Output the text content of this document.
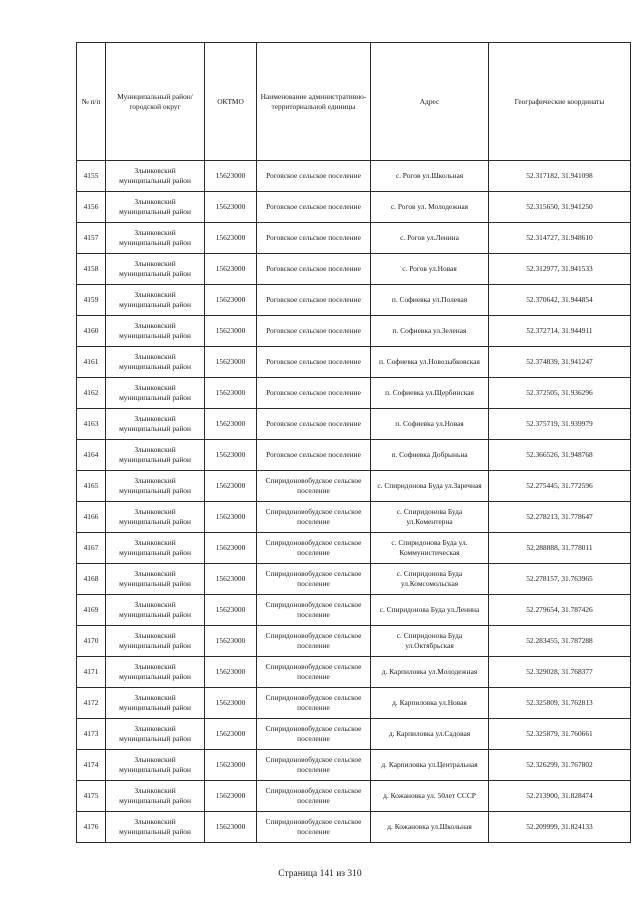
№ п/п	Муниципальный район/городской округ	ОКТМО	Наименование административно-территориальной единицы	Адрес	Географические координаты
4155	Злынковский муниципальный район	15623000	Роговское сельское поселение	с. Рогов ул.Школьная	52.317182, 31.941098
4156	Злынковский муниципальный район	15623000	Роговское сельское поселение	с. Рогов ул. Молодежная	52.315650, 31.941250
4157	Злынковский муниципальный район	15623000	Роговское сельское поселение	с. Рогов ул.Ленина	52.314727, 31.948610
4158	Злынковский муниципальный район	15623000	Роговское сельское поселение	с. Рогов ул.Новая	52.312977, 31.941533
4159	Злынковский муниципальный район	15623000	Роговское сельское поселение	п. Софиевка ул.Полевая	52.370642, 31.944854
4160	Злынковский муниципальный район	15623000	Роговское сельское поселение	п. Софиевка ул.Зеленая	52.372714, 31.944911
4161	Злынковский муниципальный район	15623000	Роговское сельское поселение	п. Софиевка ул.Новозыбковская	52.374839, 31.941247
4162	Злынковский муниципальный район	15623000	Роговское сельское поселение	п. Софиевка ул.Щербинская	52.372505, 31.936296
4163	Злынковский муниципальный район	15623000	Роговское сельское поселение	п. Софиевка ул.Новая	52.375719, 31.939979
4164	Злынковский муниципальный район	15623000	Роговское сельское поселение	п. Софиевка Добрыньна	52.366526, 31.948768
4165	Злынковский муниципальный район	15623000	Спиридоновобудское сельское поселение	с. Спиридонова Буда ул.Заречная	52.275445, 31.772596
4166	Злынковский муниципальный район	15623000	Спиридоновобудское сельское поселение	с. Спиридонова Буда ул.Коментерна	52.278213, 31.778647
4167	Злынковский муниципальный район	15623000	Спиридоновобудское сельское поселение	с. Спиридонова Буда ул. Коммунистическая	52.288888, 31.778011
4168	Злынковский муниципальный район	15623000	Спиридоновобудское сельское поселение	с. Спиридонова Буда ул.Комсомольская	52.278157, 31.763965
4169	Злынковский муниципальный район	15623000	Спиридоновобудское сельское поселение	с. Спиридонова Буда ул.Ленина	52.279654, 31.787426
4170	Злынковский муниципальный район	15623000	Спиридоновобудское сельское поселение	с. Спиридонова Буда ул.Октябрьская	52.283455, 31.787288
4171	Злынковский муниципальный район	15623000	Спиридоновобудское сельское поселение	д. Карпиловка ул.Молодежная	52.329028, 31.768377
4172	Злынковский муниципальный район	15623000	Спиридоновобудское сельское поселение	д. Карпиловка ул.Новая	52.325809, 31.762813
4173	Злынковский муниципальный район	15623000	Спиридоновобудское сельское поселение	д. Карпиловка ул.Садовая	52.325879, 31.760661
4174	Злынковский муниципальный район	15623000	Спиридоновобудское сельское поселение	д. Карпиловка ул.Центральная	52.326299, 31.767802
4175	Злынковский муниципальный район	15623000	Спиридоновобудское сельское поселение	д. Кожановка ул. 50лет СССР	52.213900, 31.828474
4176	Злынковский муниципальный район	15623000	Спиридоновобудское сельское поселение	д. Кожановка ул.Школьная	52.209999, 31.824133
Страница 141 из 310
